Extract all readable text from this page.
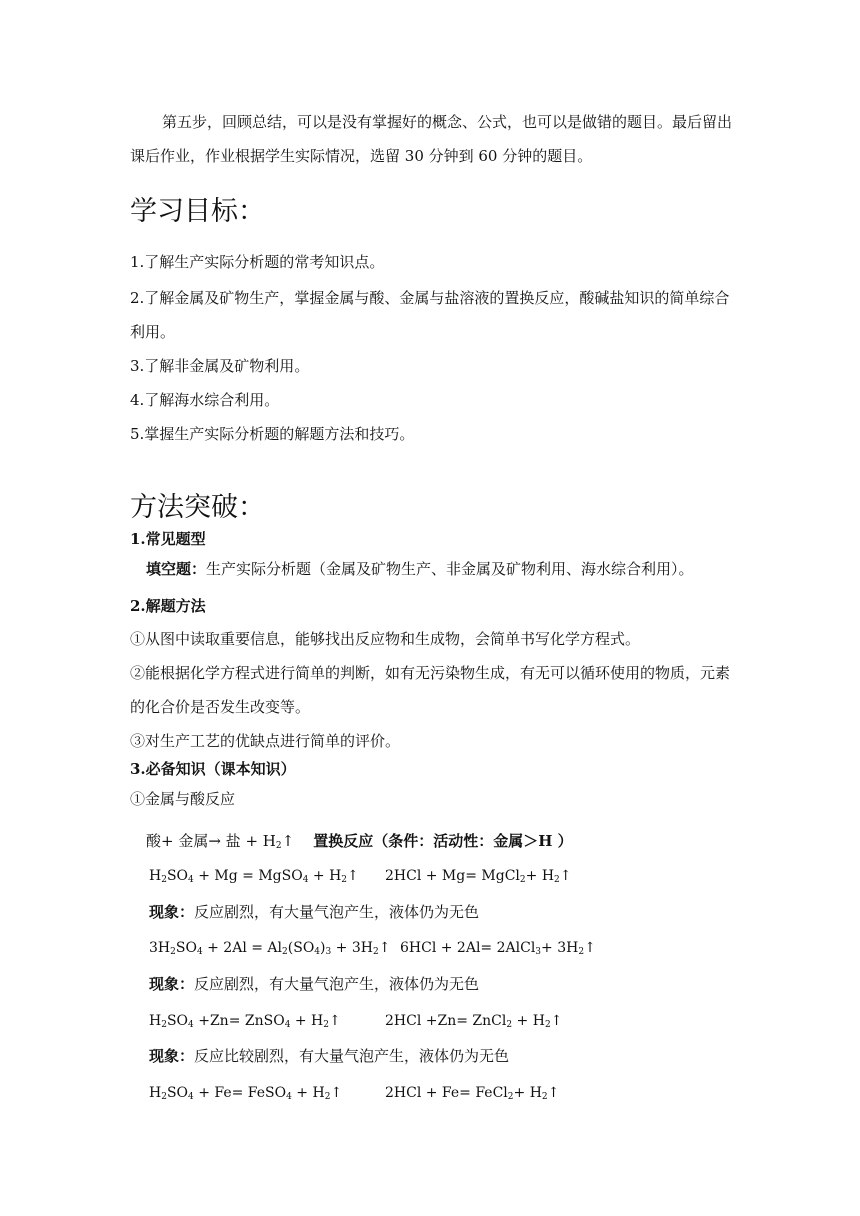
第五步，回顾总结，可以是没有掌握好的概念、公式，也可以是做错的题目。最后留出
课后作业，作业根据学生实际情况，选留 30 分钟到 60 分钟的题目。
学习目标：
1.了解生产实际分析题的常考知识点。
2.了解金属及矿物生产，掌握金属与酸、金属与盐溶液的置换反应，酸碱盐知识的简单综合
利用。
3.了解非金属及矿物利用。
4.了解海水综合利用。
5.掌握生产实际分析题的解题方法和技巧。
方法突破：
1.常见题型
填空题：生产实际分析题（金属及矿物生产、非金属及矿物利用、海水综合利用）。
2.解题方法
①从图中读取重要信息，能够找出反应物和生成物，会简单书写化学方程式。
②能根据化学方程式进行简单的判断，如有无污染物生成，有无可以循环使用的物质，元素
的化合价是否发生改变等。
③对生产工艺的优缺点进行简单的评价。
3.必备知识（课本知识）
①金属与酸反应
酸+ 金属→ 盐 + $H_2↑$ 置换反应（条件：活动性：金属＞H ）
$H_2SO_4 + Mg$ = MgSO$_4$ + $H_2↑$ 2HCl + Mg= MgCl$_2$+ $H_2↑$
现象：反应剧烈，有大量气泡产生，液体仍为无色
$3H_2SO_4 + 2Al = Al_2(SO_4)_3$ + $3H_2↑$ 6HCl + 2Al= 2AlCl$_3$+ $3H_2↑$
现象：反应剧烈，有大量气泡产生，液体仍为无色
$H_2SO_4 +Zn=$ ZnSO$_4$ + $H_2↑$	2HCl +Zn= ZnCl$_2$ + $H_2↑$
现象：反应比较剧烈，有大量气泡产生，液体仍为无色
$H_2SO_4 + Fe=$ FeSO$_4$ + $H_2↑$	2HCl + Fe= FeCl$_2$+ $H_2↑$
